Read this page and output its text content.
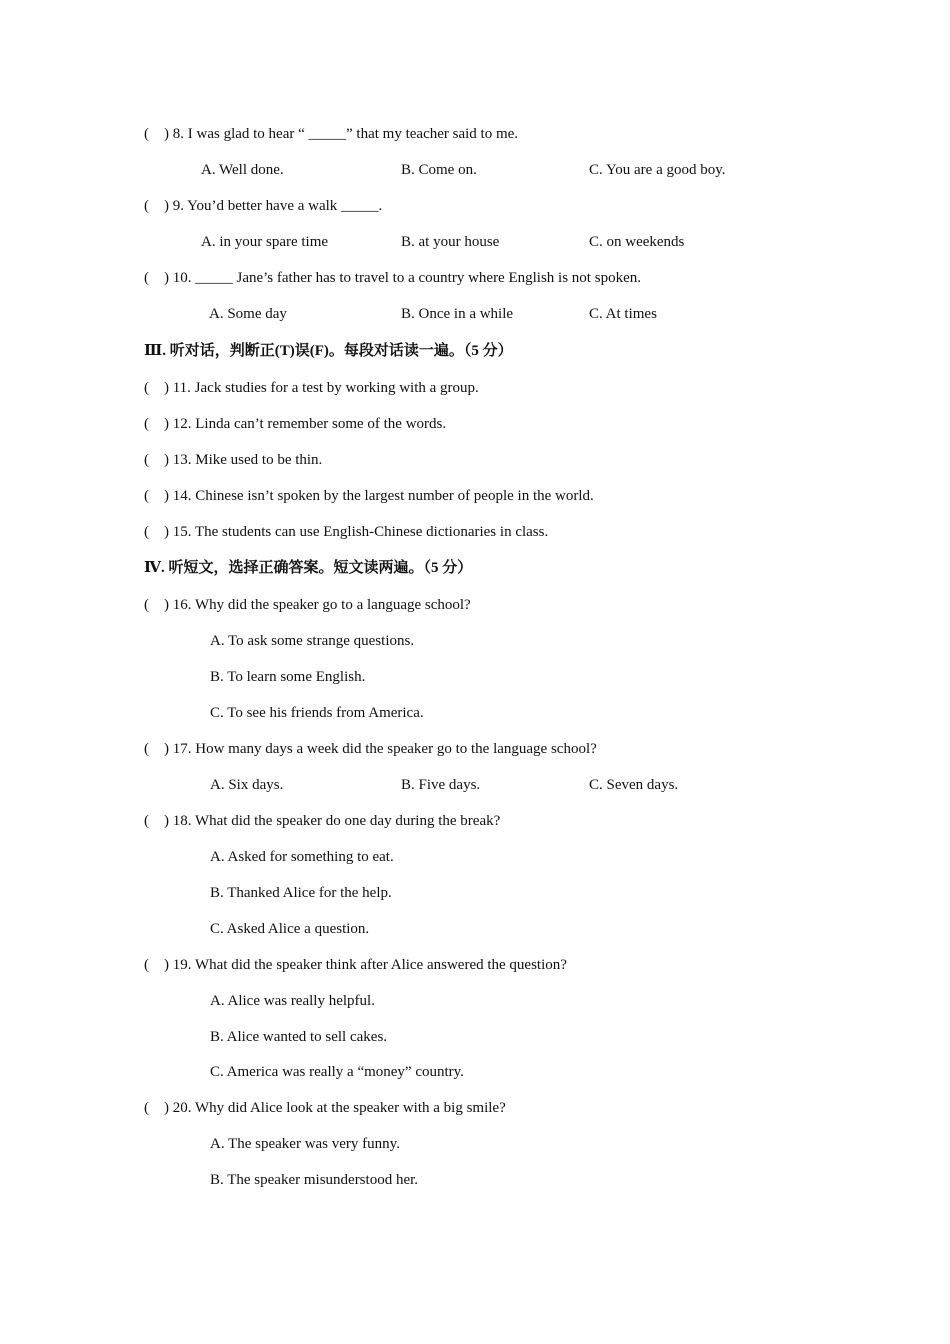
(    ) 8. I was glad to hear “ _____” that my teacher said to me.
A. Well done.	B. Come on.	C. You are a good boy.
(    ) 9. You’d better have a walk _____.
A. in your spare time	B. at your house	C. on weekends
(    ) 10. _____ Jane’s father has to travel to a country where English is not spoken.
A. Some day	B. Once in a while	C. At times
Ⅲ. 听对话，判断正(T)误(F)。每段对话读一遍。（5 分）
(    ) 11. Jack studies for a test by working with a group.
(    ) 12. Linda can’t remember some of the words.
(    ) 13. Mike used to be thin.
(    ) 14. Chinese isn’t spoken by the largest number of people in the world.
(    ) 15. The students can use English-Chinese dictionaries in class.
Ⅳ. 听短文，选择正确答案。短文读两遍。（5 分）
(    ) 16. Why did the speaker go to a language school?
A. To ask some strange questions.
B. To learn some English.
C. To see his friends from America.
(    ) 17. How many days a week did the speaker go to the language school?
A. Six days.	B. Five days.	C. Seven days.
(    ) 18. What did the speaker do one day during the break?
A. Asked for something to eat.
B. Thanked Alice for the help.
C. Asked Alice a question.
(    ) 19. What did the speaker think after Alice answered the question?
A. Alice was really helpful.
B. Alice wanted to sell cakes.
C. America was really a “money” country.
(    ) 20. Why did Alice look at the speaker with a big smile?
A. The speaker was very funny.
B. The speaker misunderstood her.
